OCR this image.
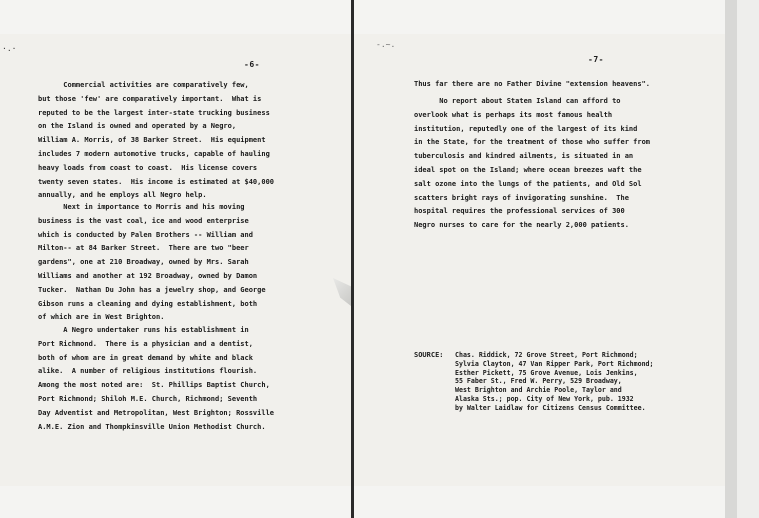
·.·	-.~.
-6-
Commercial activities are comparatively few,
but those 'few' are comparatively important.  What is
reputed to be the largest inter-state trucking business
on the Island is owned and operated by a Negro,
William A. Morris, of 38 Barker Street.  His equipment
includes 7 modern automotive trucks, capable of hauling
heavy loads from coast to coast.  His license covers
twenty seven states.  His income is estimated at $40,000
annually, and he employs all Negro help.
Next in importance to Morris and his moving
business is the vast coal, ice and wood enterprise
which is conducted by Palen Brothers -- William and
Milton-- at 84 Barker Street.  There are two "beer
gardens", one at 210 Broadway, owned by Mrs. Sarah
Williams and another at 192 Broadway, owned by Damon
Tucker.  Nathan Du John has a jewelry shop, and George
Gibson runs a cleaning and dying establishment, both
of which are in West Brighton.
A Negro undertaker runs his establishment in
Port Richmond.  There is a physician and a dentist,
both of whom are in great demand by white and black
alike.  A number of religious institutions flourish.
Among the most noted are:  St. Phillips Baptist Church,
Port Richmond; Shiloh M.E. Church, Richmond; Seventh
Day Adventist and Metropolitan, West Brighton; Rossville
A.M.E. Zion and Thompkinsville Union Methodist Church.
-7-
Thus far there are no Father Divine "extension heavens".
No report about Staten Island can afford to
overlook what is perhaps its most famous health
institution, reputedly one of the largest of its kind
in the State, for the treatment of those who suffer from
tuberculosis and kindred ailments, is situated in an
ideal spot on the Island; where ocean breezes waft the
salt ozone into the lungs of the patients, and Old Sol
scatters bright rays of invigorating sunshine.  The
hospital requires the professional services of 300
Negro nurses to care for the nearly 2,000 patients.
SOURCE: Chas. Riddick, 72 Grove Street, Port Richmond;
Sylvia Clayton, 47 Van Ripper Park, Port Richmond;
Esther Pickett, 75 Grove Avenue, Lois Jenkins,
55 Faber St., Fred W. Perry, 529 Broadway,
West Brighton and Archie Poole, Taylor and
Alaska Sts.; pop. City of New York, pub. 1932
by Walter Laidlaw for Citizens Census Committee.
